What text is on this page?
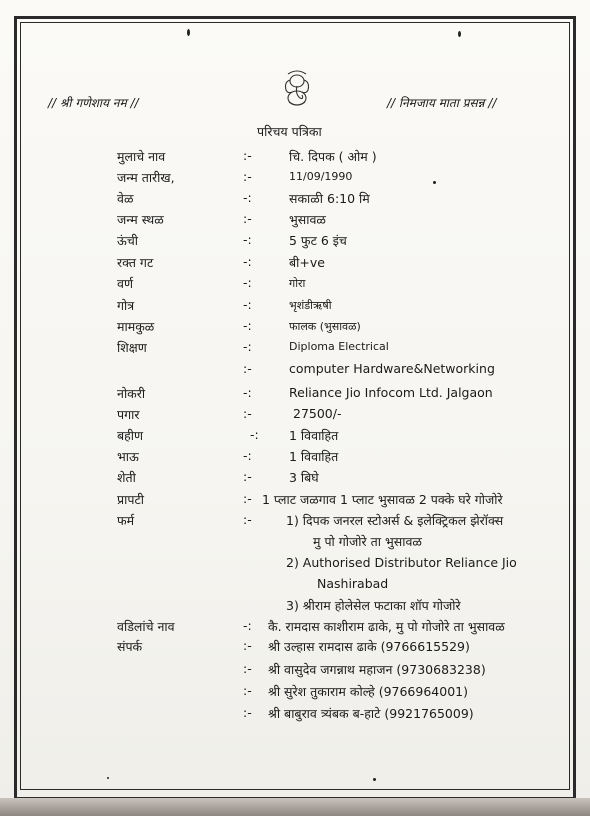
// श्री गणेशाय नम //	// निमजाय माता प्रसन्न //
परिचय पत्रिका
मुलाचे नाव	:-	चि. दिपक ( ओम )
जन्म तारीख,	:-	11/09/1990
वेळ	-:	सकाळी 6:10 मि
जन्म स्थळ	:-	भुसावळ
ऊंची	-:	5 फुट 6 इंच
रक्त गट	-:	बी+ve
वर्ण	-:	गोरा
गोत्र	-:	भृशंडीऋषी
मामकुळ	-:	फालक (भुसावळ)
शिक्षण	-:	Diploma Electrical
:-	computer Hardware&Networking
नोकरी	-:	Reliance Jio Infocom Ltd. Jalgaon
पगार	:-	27500/-
बहीण	-: 1 विवाहित
भाऊ	-:	1 विवाहित
शेती	:-	3 बिघे
प्रापटी	:- 1 प्लाट जळगाव 1 प्लाट भुसावळ 2 पक्के घरे गोजोरे
फर्म	:-	1) दिपक जनरल स्टोअर्स & इलेक्ट्रिकल झेरॉक्स
मु पो गोजोरे ता भुसावळ
2) Authorised Distributor Reliance Jio
Nashirabad
3) श्रीराम होलेसेल फटाका शॉप गोजोरे
वडिलांचे नाव	-: कै. रामदास काशीराम ढाके, मु पो गोजोरे ता भुसावळ
संपर्क	:- श्री उल्हास रामदास ढाके (9766615529)
:- श्री वासुदेव जगन्नाथ महाजन (9730683238)
:- श्री सुरेश तुकाराम कोल्हे (9766964001)
:- श्री बाबुराव त्र्यंबक ब-हाटे (9921765009)
